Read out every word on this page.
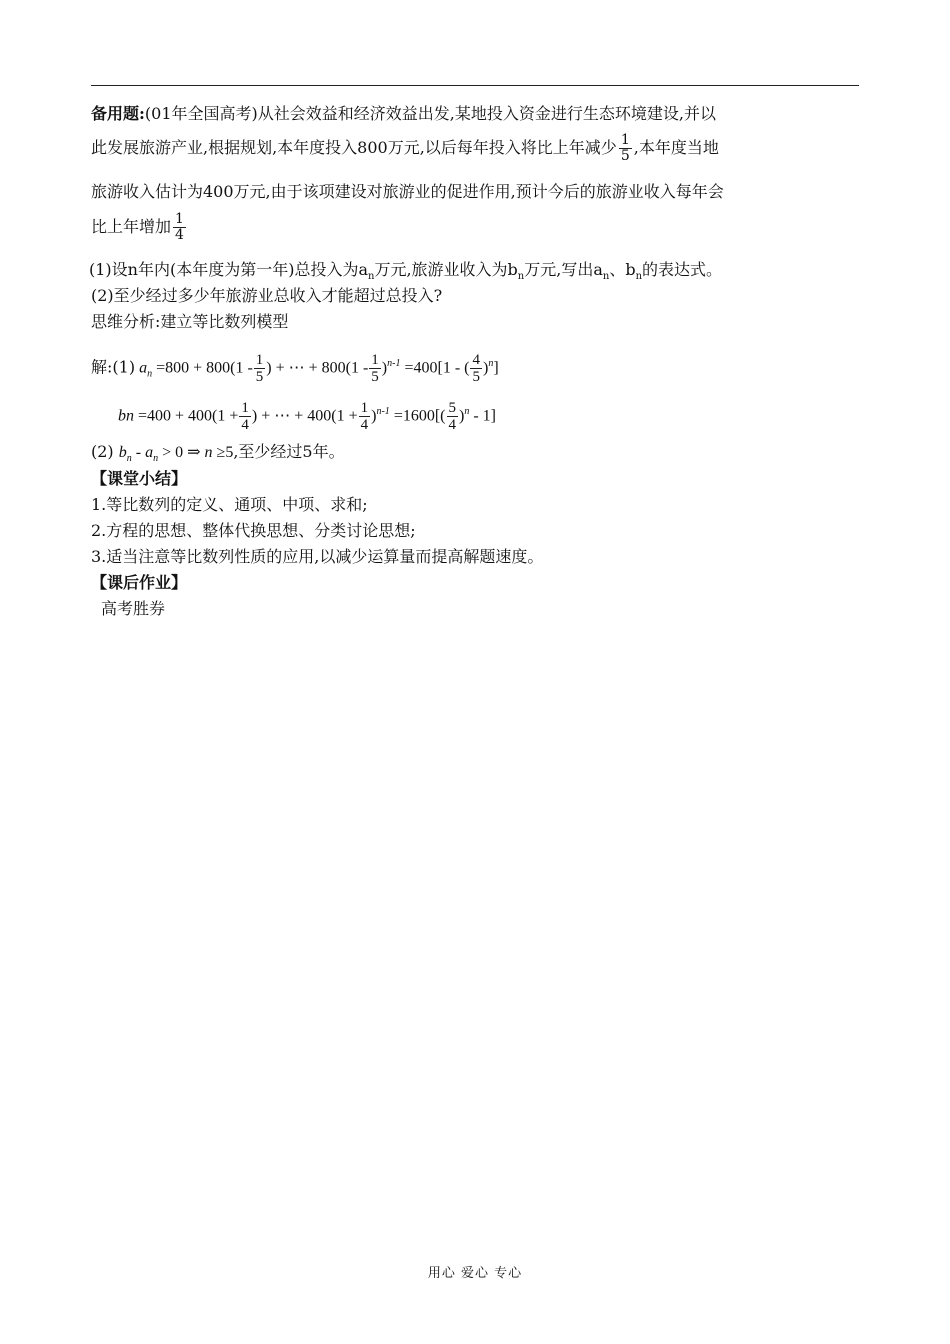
备用题:(01年全国高考)从社会效益和经济效益出发,某地投入资金进行生态环境建设,并以
此发展旅游产业,根据规划,本年度投入800万元,以后每年投入将比上年减少 $\frac{1}{5}$ ,本年度当地
旅游收入估计为400万元,由于该项建设对旅游业的促进作用,预计今后的旅游业收入每年会
比上年增加 $\frac{1}{4}$
(1)设n年内(本年度为第一年)总投入为$a_n$万元,旅游业收入为$b_n$万元,写出$a_n$、$b_n$的表达式。
(2)至少经过多少年旅游业总收入才能超过总投入?
思维分析:建立等比数列模型
解:(1) $a_n =800 + 800(1 - \frac{1}{5}$ ) + ⋯ + $800(1 - \frac{1}{5} )^{n-1} =400[1$ - ( $\frac{4}{5} )^n$]
bn $=400 + 400(1 + \frac{1}{4}$ ) + ⋯ + $400(1 + \frac{1}{4} )^{n-1} =1600[( \frac{5}{4} )^n - 1]$
(2) $b_n - a_n > 0$ ⇒ n ≥5,至少经过5年。
【课堂小结】
1.等比数列的定义、通项、中项、求和;
2.方程的思想、整体代换思想、分类讨论思想;
3.适当注意等比数列性质的应用,以减少运算量而提高解题速度。
【课后作业】
高考胜券
用心 爱心 专心
